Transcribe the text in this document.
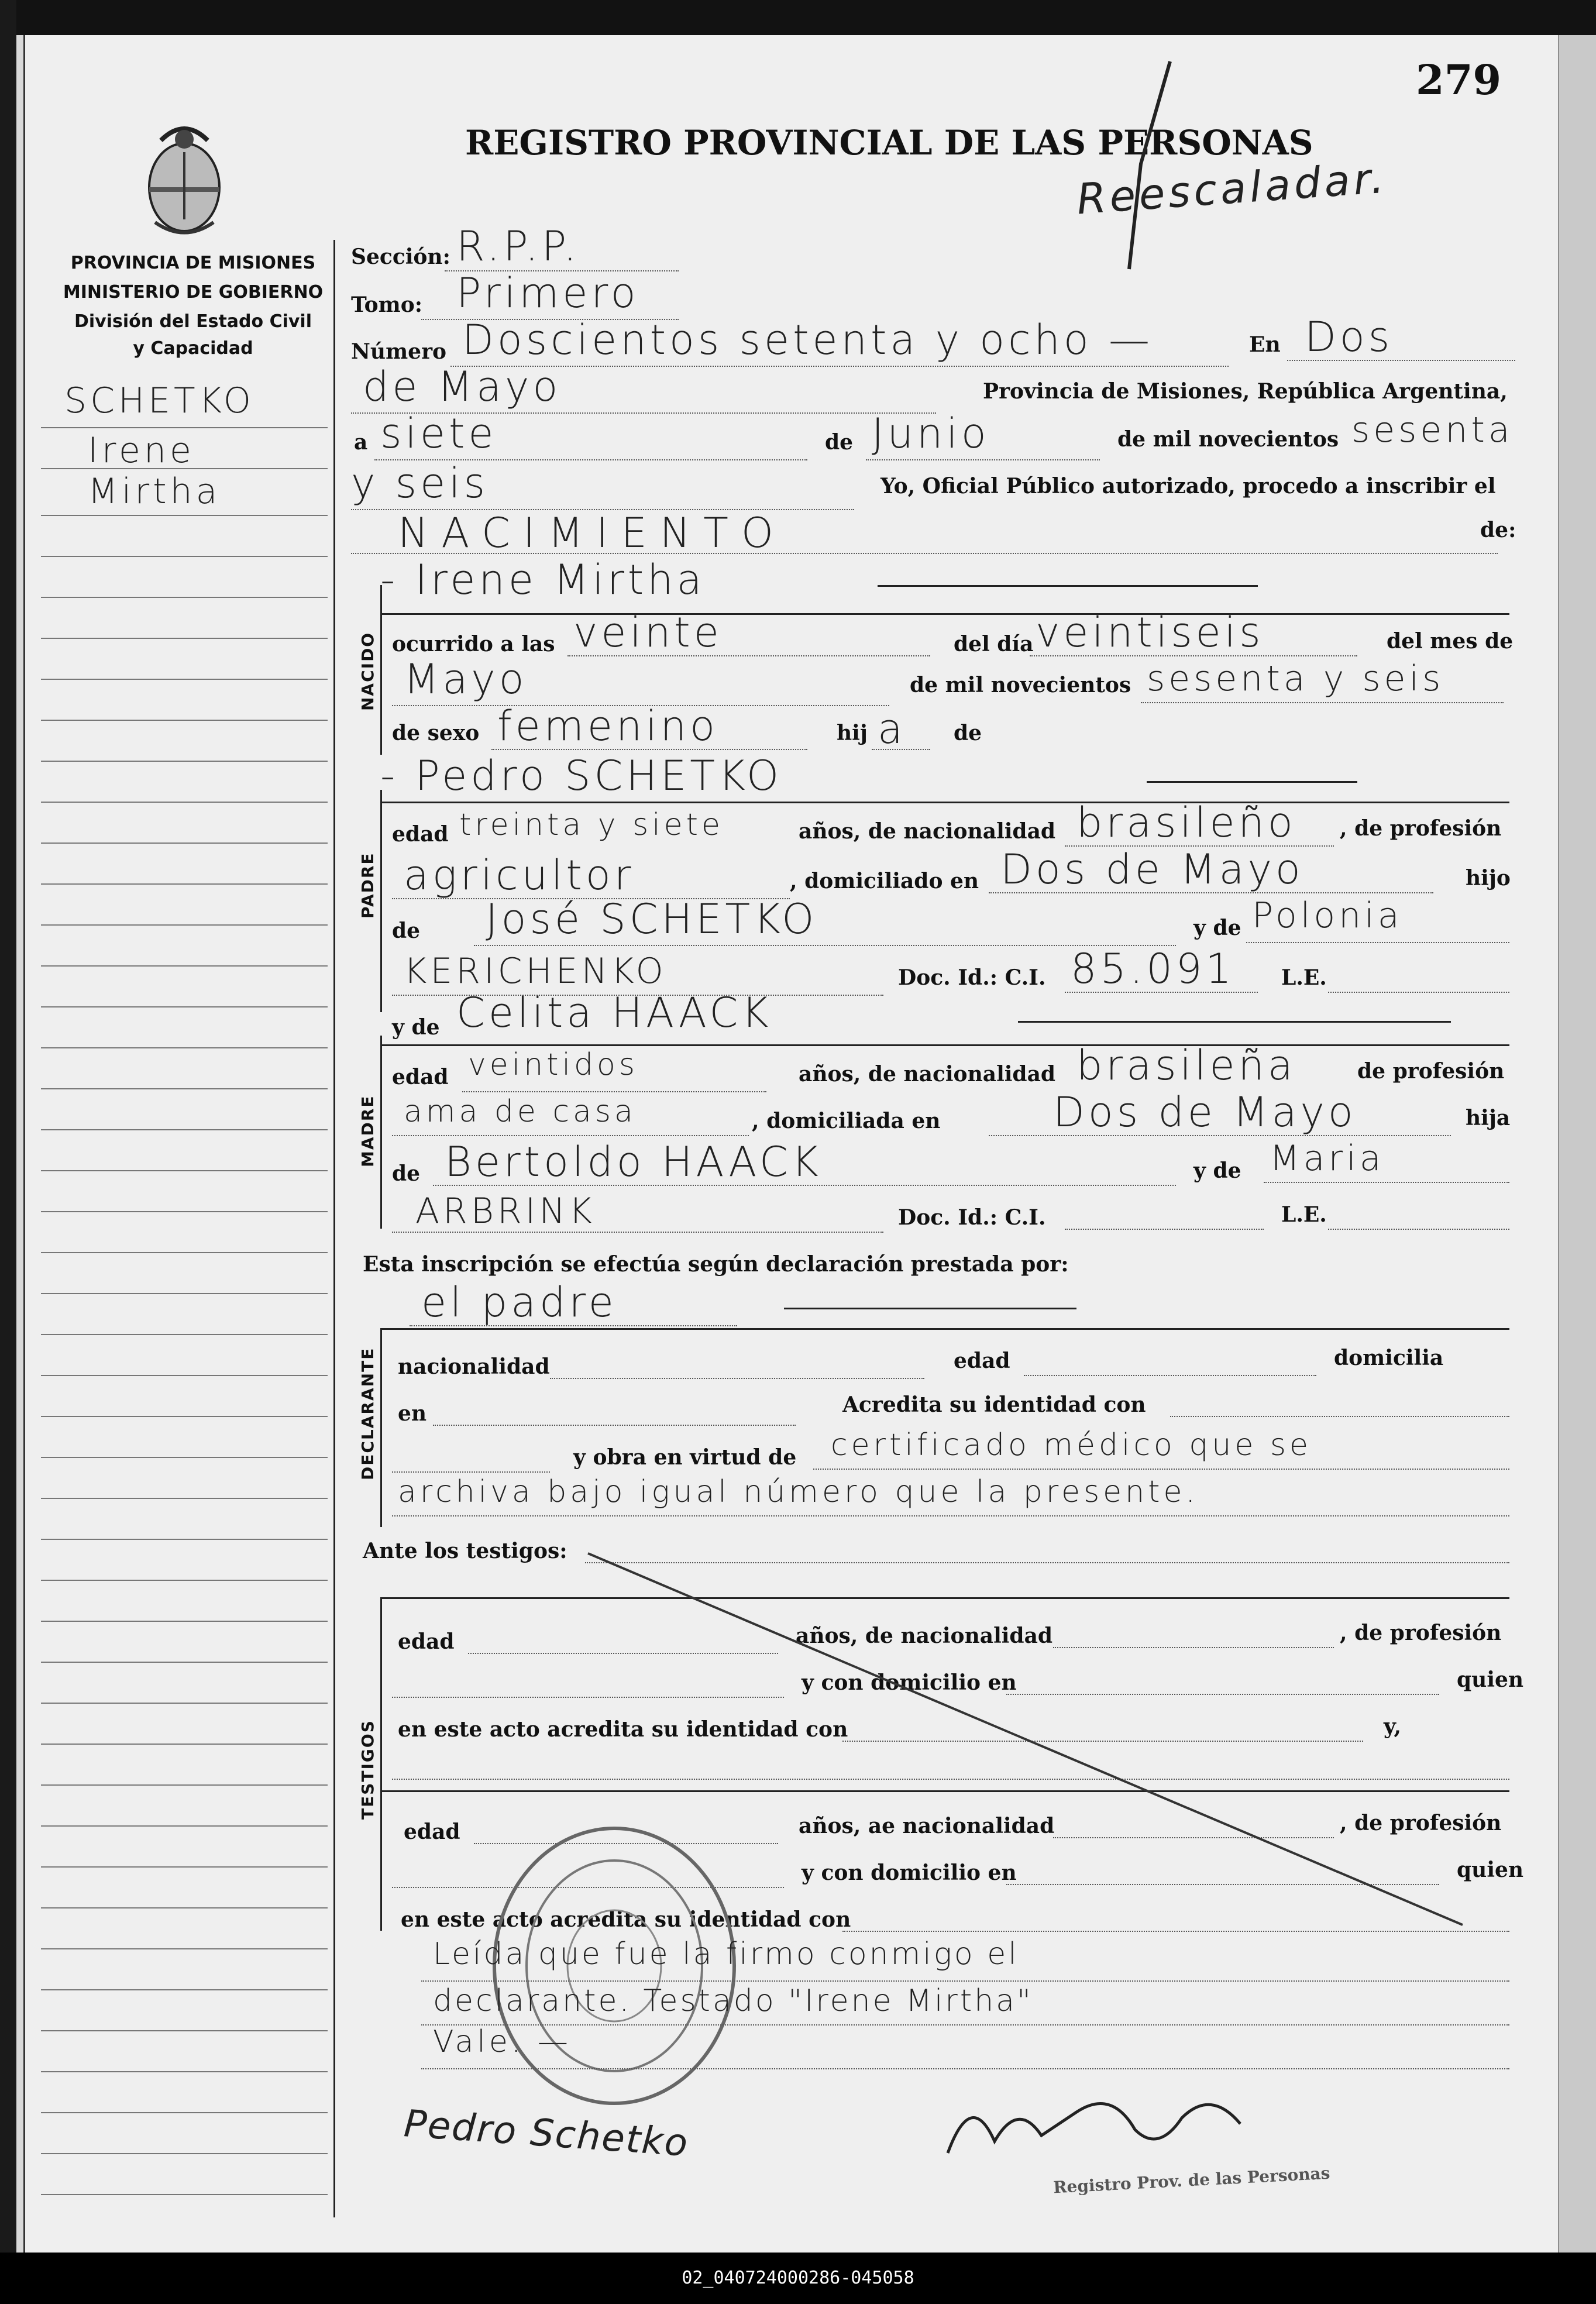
279
REGISTRO PROVINCIAL DE LAS PERSONAS
Reescaladar.
PROVINCIA DE MISIONES
MINISTERIO DE GOBIERNO
División del Estado Civil
y Capacidad
SCHETKO
Irene
Mirtha
Sección: R.P.P.
Tomo: Primero
Número Doscientos setenta y ocho —	En Dos
de Mayo	Provincia de Misiones, República Argentina,
a siete	de Junio	de mil novecientos sesenta
y seis	Yo, Oficial Público autorizado, procedo a inscribir el
NACIMIENTO	de:
- Irene Mirtha
NACIDO ocurrido a las veinte	del día veintiseis	del mes de
Mayo	de mil novecientos sesenta y seis
de sexo femenino	hij a de
- Pedro SCHETKO
PADRE
edad treinta y siete	años, de nacionalidad brasileño , de profesión
agricultor	, domiciliado en Dos de Mayo	hijo
de José SCHETKO	y de Polonia
KERICHENKO	Doc. Id.: C.I. 85.091 L.E.
y de Celita HAACK
MADRE
edad veintidos	años, de nacionalidad brasileña	de profesión
ama de casa	, domiciliada en	Dos de Mayo	hija
de Bertoldo HAACK	y de Maria
ARBRINK	Doc. Id.: C.I.	L.E.
Esta inscripción se efectúa según declaración prestada por:
el padre
DECLARANTE nacionalidad	edad	domicilia
en	Acredita su identidad con
y obra en virtud de certificado médico que se
archiva bajo igual número que la presente.
Ante los testigos:
TESTIGOS
edad	años, de nacionalidad	, de profesión
y con domicilio en	quien
en este acto acredita su identidad con	y,
edad	años, ae nacionalidad	, de profesión
y con domicilio en	quien
en este acto acredita su identidad con
Leída que fue la firmo conmigo el
declarante. Testado "Irene Mirtha"
Vale. —
Pedro Schetko
Registro Prov. de las Personas
02_040724000286-045058
